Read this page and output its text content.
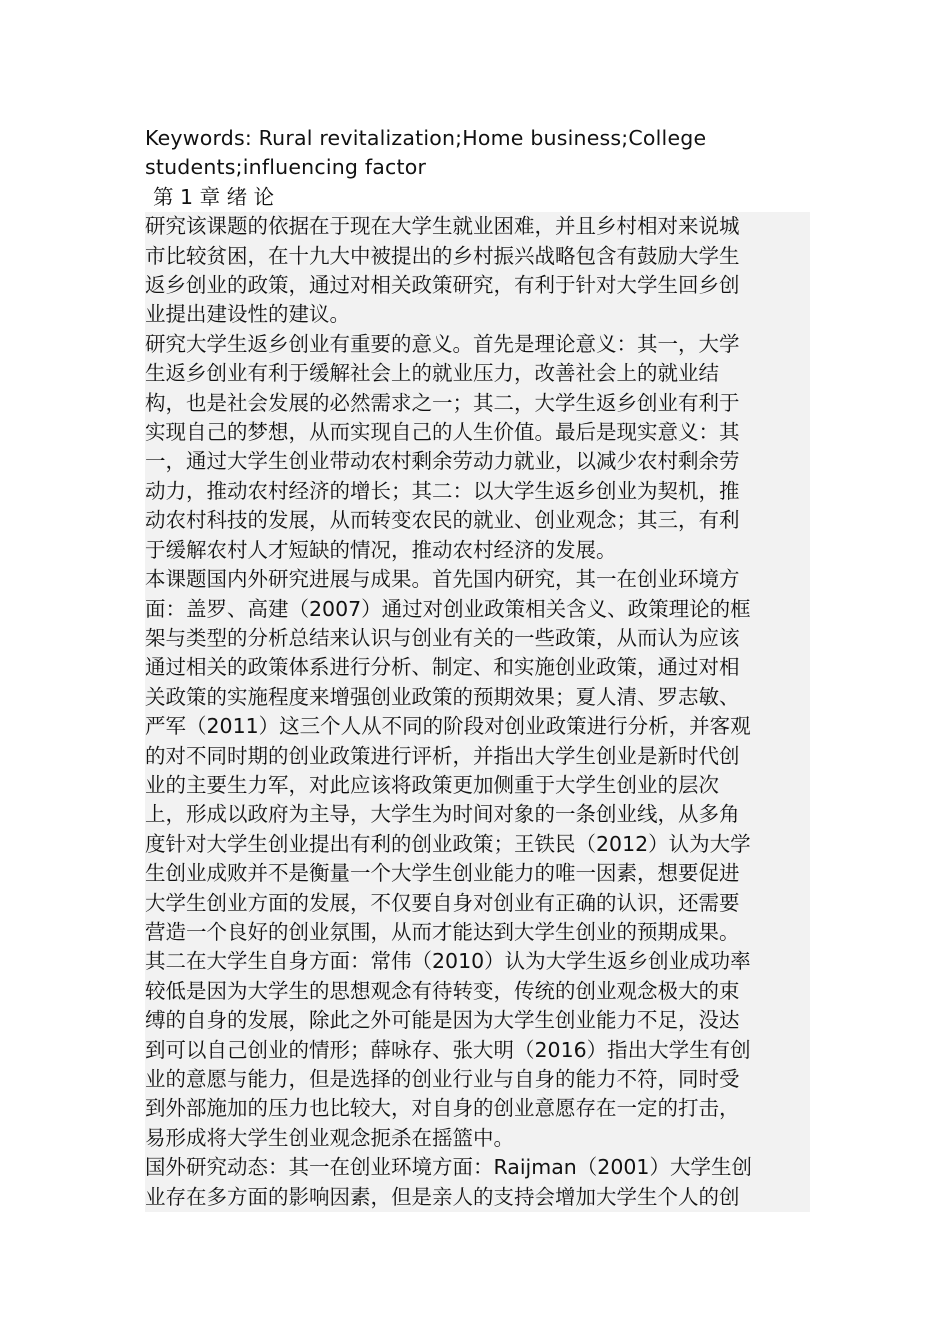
Keywords: Rural revitalization;Home business;College
students;influencing factor

第 1 章 绪 论

研究该课题的依据在于现在大学生就业困难，并且乡村相对来说城
市比较贫困，在十九大中被提出的乡村振兴战略包含有鼓励大学生
返乡创业的政策，通过对相关政策研究，有利于针对大学生回乡创
业提出建设性的建议。

研究大学生返乡创业有重要的意义。首先是理论意义：其一，大学
生返乡创业有利于缓解社会上的就业压力，改善社会上的就业结
构，也是社会发展的必然需求之一；其二，大学生返乡创业有利于
实现自己的梦想，从而实现自己的人生价值。最后是现实意义：其
一，通过大学生创业带动农村剩余劳动力就业，以减少农村剩余劳
动力，推动农村经济的增长；其二：以大学生返乡创业为契机，推
动农村科技的发展，从而转变农民的就业、创业观念；其三，有利
于缓解农村人才短缺的情况，推动农村经济的发展。

本课题国内外研究进展与成果。首先国内研究，其一在创业环境方
面：盖罗、高建（2007）通过对创业政策相关含义、政策理论的框
架与类型的分析总结来认识与创业有关的一些政策，从而认为应该
通过相关的政策体系进行分析、制定、和实施创业政策，通过对相
关政策的实施程度来增强创业政策的预期效果；夏人清、罗志敏、
严军（2011）这三个人从不同的阶段对创业政策进行分析，并客观
的对不同时期的创业政策进行评析，并指出大学生创业是新时代创
业的主要生力军，对此应该将政策更加侧重于大学生创业的层次
上，形成以政府为主导，大学生为时间对象的一条创业线，从多角
度针对大学生创业提出有利的创业政策；王铁民（2012）认为大学
生创业成败并不是衡量一个大学生创业能力的唯一因素，想要促进
大学生创业方面的发展，不仅要自身对创业有正确的认识，还需要
营造一个良好的创业氛围，从而才能达到大学生创业的预期成果。
其二在大学生自身方面：常伟（2010）认为大学生返乡创业成功率
较低是因为大学生的思想观念有待转变，传统的创业观念极大的束
缚的自身的发展，除此之外可能是因为大学生创业能力不足，没达
到可以自己创业的情形；薛咏存、张大明（2016）指出大学生有创
业的意愿与能力，但是选择的创业行业与自身的能力不符，同时受
到外部施加的压力也比较大，对自身的创业意愿存在一定的打击，
易形成将大学生创业观念扼杀在摇篮中。

国外研究动态：其一在创业环境方面：Raijman（2001）大学生创
业存在多方面的影响因素，但是亲人的支持会增加大学生个人的创
